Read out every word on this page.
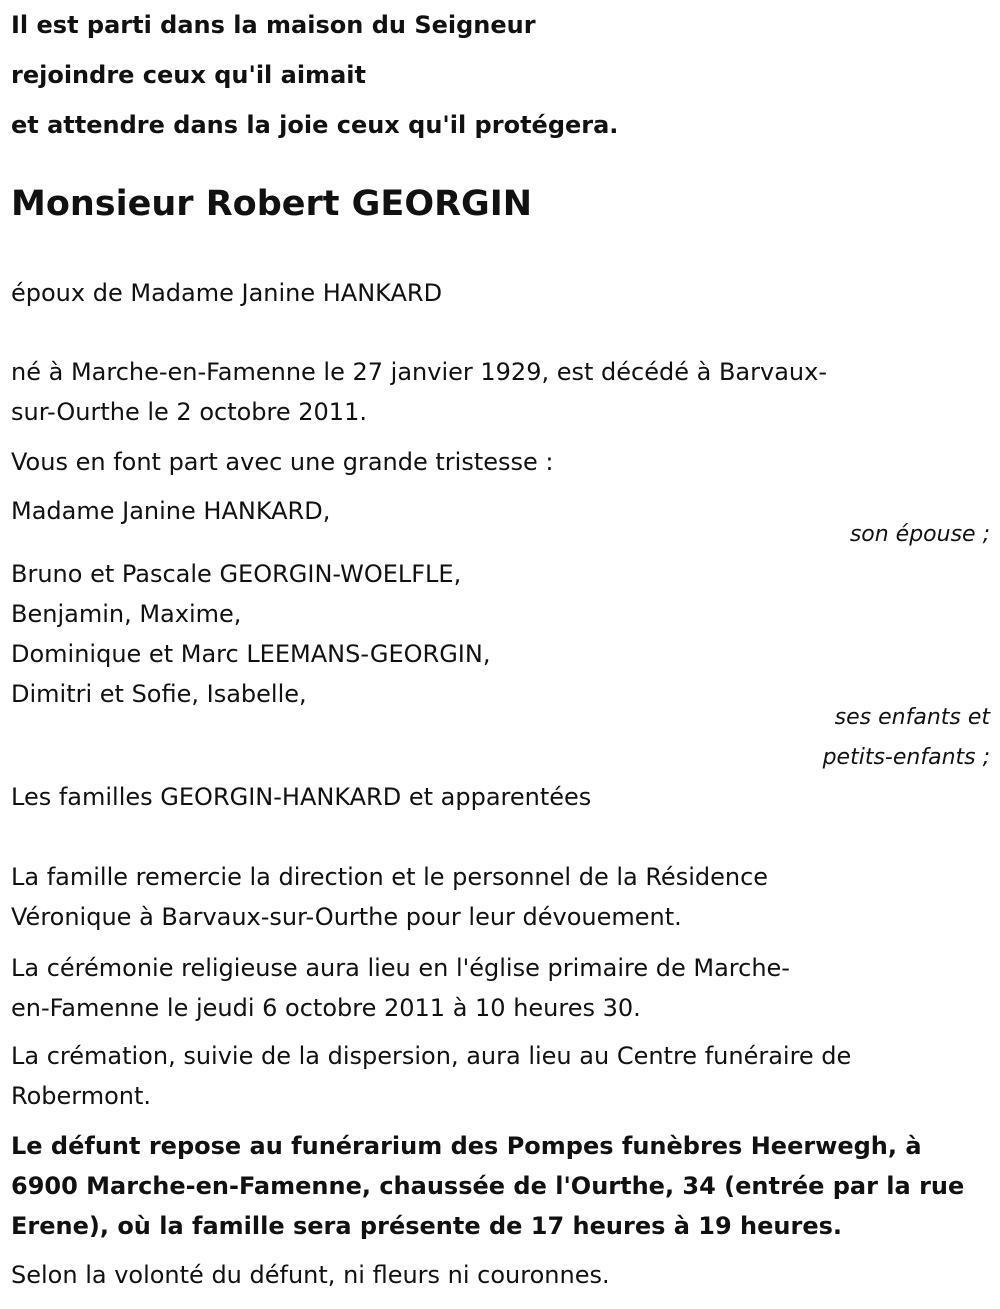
Il est parti dans la maison du Seigneur
rejoindre ceux qu'il aimait
et attendre dans la joie ceux qu'il protégera.
Monsieur Robert GEORGIN
époux de Madame Janine HANKARD
né à Marche-en-Famenne le 27 janvier 1929, est décédé à Barvaux-
sur-Ourthe le 2 octobre 2011.
Vous en font part avec une grande tristesse :
Madame Janine HANKARD,
son épouse ;
Bruno et Pascale GEORGIN-WOELFLE,
Benjamin, Maxime,
Dominique et Marc LEEMANS-GEORGIN,
Dimitri et Sofie, Isabelle,
ses enfants et
petits-enfants ;
Les familles GEORGIN-HANKARD et apparentées
La famille remercie la direction et le personnel de la Résidence
Véronique à Barvaux-sur-Ourthe pour leur dévouement.
La cérémonie religieuse aura lieu en l'église primaire de Marche-
en-Famenne le jeudi 6 octobre 2011 à 10 heures 30.
La crémation, suivie de la dispersion, aura lieu au Centre funéraire de
Robermont.
Le défunt repose au funérarium des Pompes funèbres Heerwegh, à
6900 Marche-en-Famenne, chaussée de l'Ourthe, 34 (entrée par la rue
Erene), où la famille sera présente de 17 heures à 19 heures.
Selon la volonté du défunt, ni fleurs ni couronnes.
